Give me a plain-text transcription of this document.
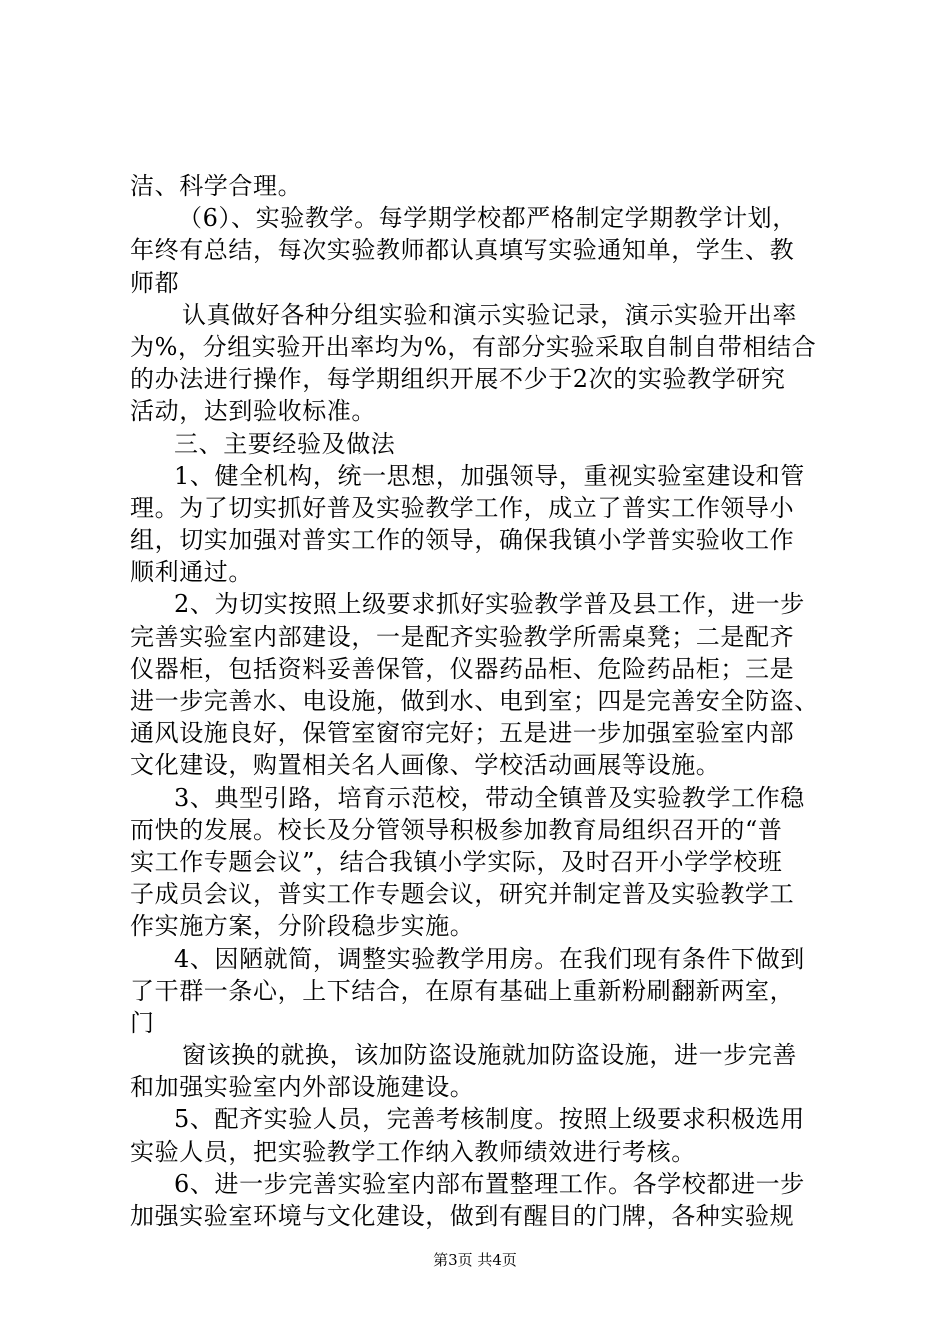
洁、科学合理。
（6）、实验教学。每学期学校都严格制定学期教学计划，
年终有总结，每次实验教师都认真填写实验通知单，学生、教
师都
认真做好各种分组实验和演示实验记录，演示实验开出率
为%，分组实验开出率均为%，有部分实验采取自制自带相结合
的办法进行操作，每学期组织开展不少于2次的实验教学研究
活动，达到验收标准。
三、主要经验及做法
1、健全机构，统一思想，加强领导，重视实验室建设和管
理。为了切实抓好普及实验教学工作，成立了普实工作领导小
组，切实加强对普实工作的领导，确保我镇小学普实验收工作
顺利通过。
2、为切实按照上级要求抓好实验教学普及县工作，进一步
完善实验室内部建设，一是配齐实验教学所需桌凳；二是配齐
仪器柜，包括资料妥善保管，仪器药品柜、危险药品柜；三是
进一步完善水、电设施，做到水、电到室；四是完善安全防盗、
通风设施良好，保管室窗帘完好；五是进一步加强室验室内部
文化建设，购置相关名人画像、学校活动画展等设施。
3、典型引路，培育示范校，带动全镇普及实验教学工作稳
而快的发展。校长及分管领导积极参加教育局组织召开的“普
实工作专题会议”，结合我镇小学实际，及时召开小学学校班
子成员会议，普实工作专题会议，研究并制定普及实验教学工
作实施方案，分阶段稳步实施。
4、因陋就简，调整实验教学用房。在我们现有条件下做到
了干群一条心，上下结合，在原有基础上重新粉刷翻新两室，
门
窗该换的就换，该加防盗设施就加防盗设施，进一步完善
和加强实验室内外部设施建设。
5、配齐实验人员，完善考核制度。按照上级要求积极选用
实验人员，把实验教学工作纳入教师绩效进行考核。
6、进一步完善实验室内部布置整理工作。各学校都进一步
加强实验室环境与文化建设，做到有醒目的门牌，各种实验规
第3页 共4页
